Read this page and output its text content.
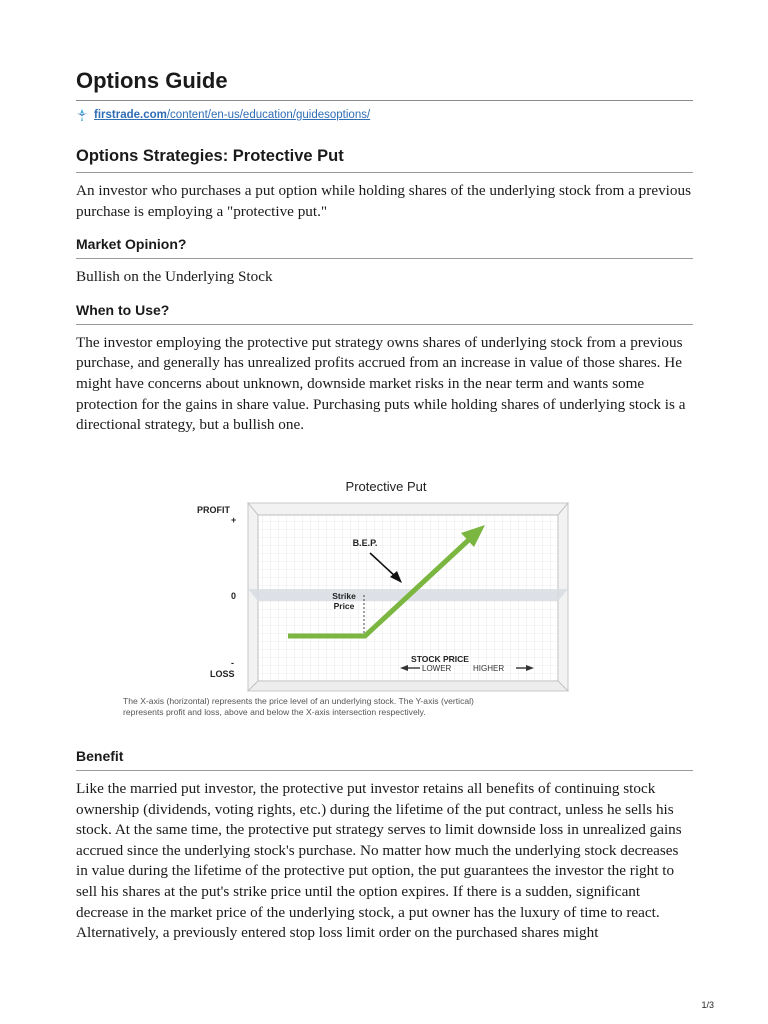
Options Guide
firstrade.com/content/en-us/education/guidesoptions/
Options Strategies: Protective Put

An investor who purchases a put option while holding shares of the underlying stock from a previous purchase is employing a "protective put."

Market Opinion?

Bullish on the Underlying Stock

When to Use?

The investor employing the protective put strategy owns shares of underlying stock from a previous purchase, and generally has unrealized profits accrued from an increase in value of those shares. He might have concerns about unknown, downside market risks in the near term and wants some protection for the gains in share value. Purchasing puts while holding shares of underlying stock is a directional strategy, but a bullish one.

Protective Put
PROFIT
+
0
-
LOSS
Strike
Price
B.E.P.
STOCK PRICE
LOWER	HIGHER
The X-axis (horizontal) represents the price level of an underlying stock. The Y-axis (vertical) represents profit and loss, above and below the X-axis intersection respectively.
Benefit

Like the married put investor, the protective put investor retains all benefits of continuing stock ownership (dividends, voting rights, etc.) during the lifetime of the put contract, unless he sells his stock. At the same time, the protective put strategy serves to limit downside loss in unrealized gains accrued since the underlying stock's purchase. No matter how much the underlying stock decreases in value during the lifetime of the protective put option, the put guarantees the investor the right to sell his shares at the put's strike price until the option expires. If there is a sudden, significant decrease in the market price of the underlying stock, a put owner has the luxury of time to react. Alternatively, a previously entered stop loss limit order on the purchased shares might

1/3
